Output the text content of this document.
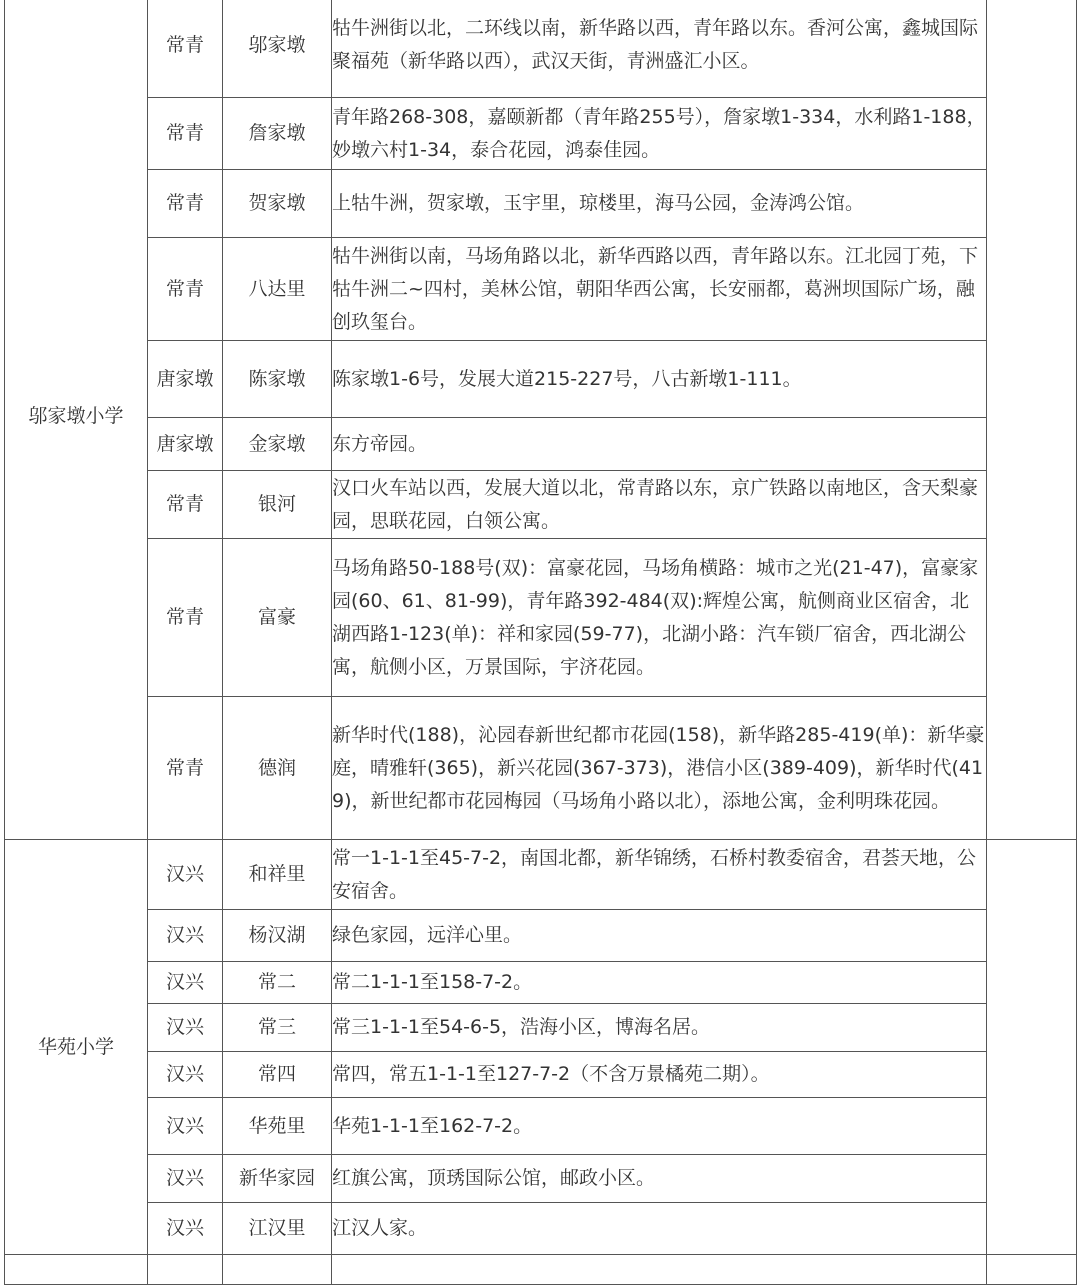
邬家墩小学	常青	邬家墩	牯牛洲街以北，二环线以南，新华路以西，青年路以东。香河公寓，鑫城国际聚福苑（新华路以西），武汉天街，青洲盛汇小区。	
	常青	詹家墩	青年路268-308，嘉颐新都（青年路255号），詹家墩1-334，水利路1-188，妙墩六村1-34，泰合花园，鸿泰佳园。	
	常青	贺家墩	上牯牛洲，贺家墩，玉宇里，琼楼里，海马公园，金涛鸿公馆。	
	常青	八达里	牯牛洲街以南，马场角路以北，新华西路以西，青年路以东。江北园丁苑，下牯牛洲二~四村，美林公馆，朝阳华西公寓，长安丽都，葛洲坝国际广场，融创玖玺台。	
	唐家墩	陈家墩	陈家墩1-6号，发展大道215-227号，八古新墩1-111。	
	唐家墩	金家墩	东方帝园。	
	常青	银河	汉口火车站以西，发展大道以北，常青路以东，京广铁路以南地区，含天梨豪园，思联花园，白领公寓。	
	常青	富豪	马场角路50-188号(双)：富豪花园，马场角横路：城市之光(21-47)，富豪家园(60、61、81-99)，青年路392-484(双):辉煌公寓，航侧商业区宿舍，北湖西路1-123(单)：祥和家园(59-77)，北湖小路：汽车锁厂宿舍，西北湖公寓，航侧小区，万景国际，宇济花园。	
	常青	德润	新华时代(188)，沁园春新世纪都市花园(158)，新华路285-419(单)：新华豪庭，晴雅轩(365)，新兴花园(367-373)，港信小区(389-409)，新华时代(419)，新世纪都市花园梅园（马场角小路以北），添地公寓，金利明珠花园。	
华苑小学	汉兴	和祥里	常一1-1-1至45-7-2，南国北都，新华锦绣，石桥村教委宿舍，君荟天地，公安宿舍。	
	汉兴	杨汉湖	绿色家园，远洋心里。	
	汉兴	常二	常二1-1-1至158-7-2。	
	汉兴	常三	常三1-1-1至54-6-5，浩海小区，博海名居。	
	汉兴	常四	常四，常五1-1-1至127-7-2（不含万景橘苑二期）。	
	汉兴	华苑里	华苑1-1-1至162-7-2。	
	汉兴	新华家园	红旗公寓，顶琇国际公馆，邮政小区。	
	汉兴	江汉里	江汉人家。	
